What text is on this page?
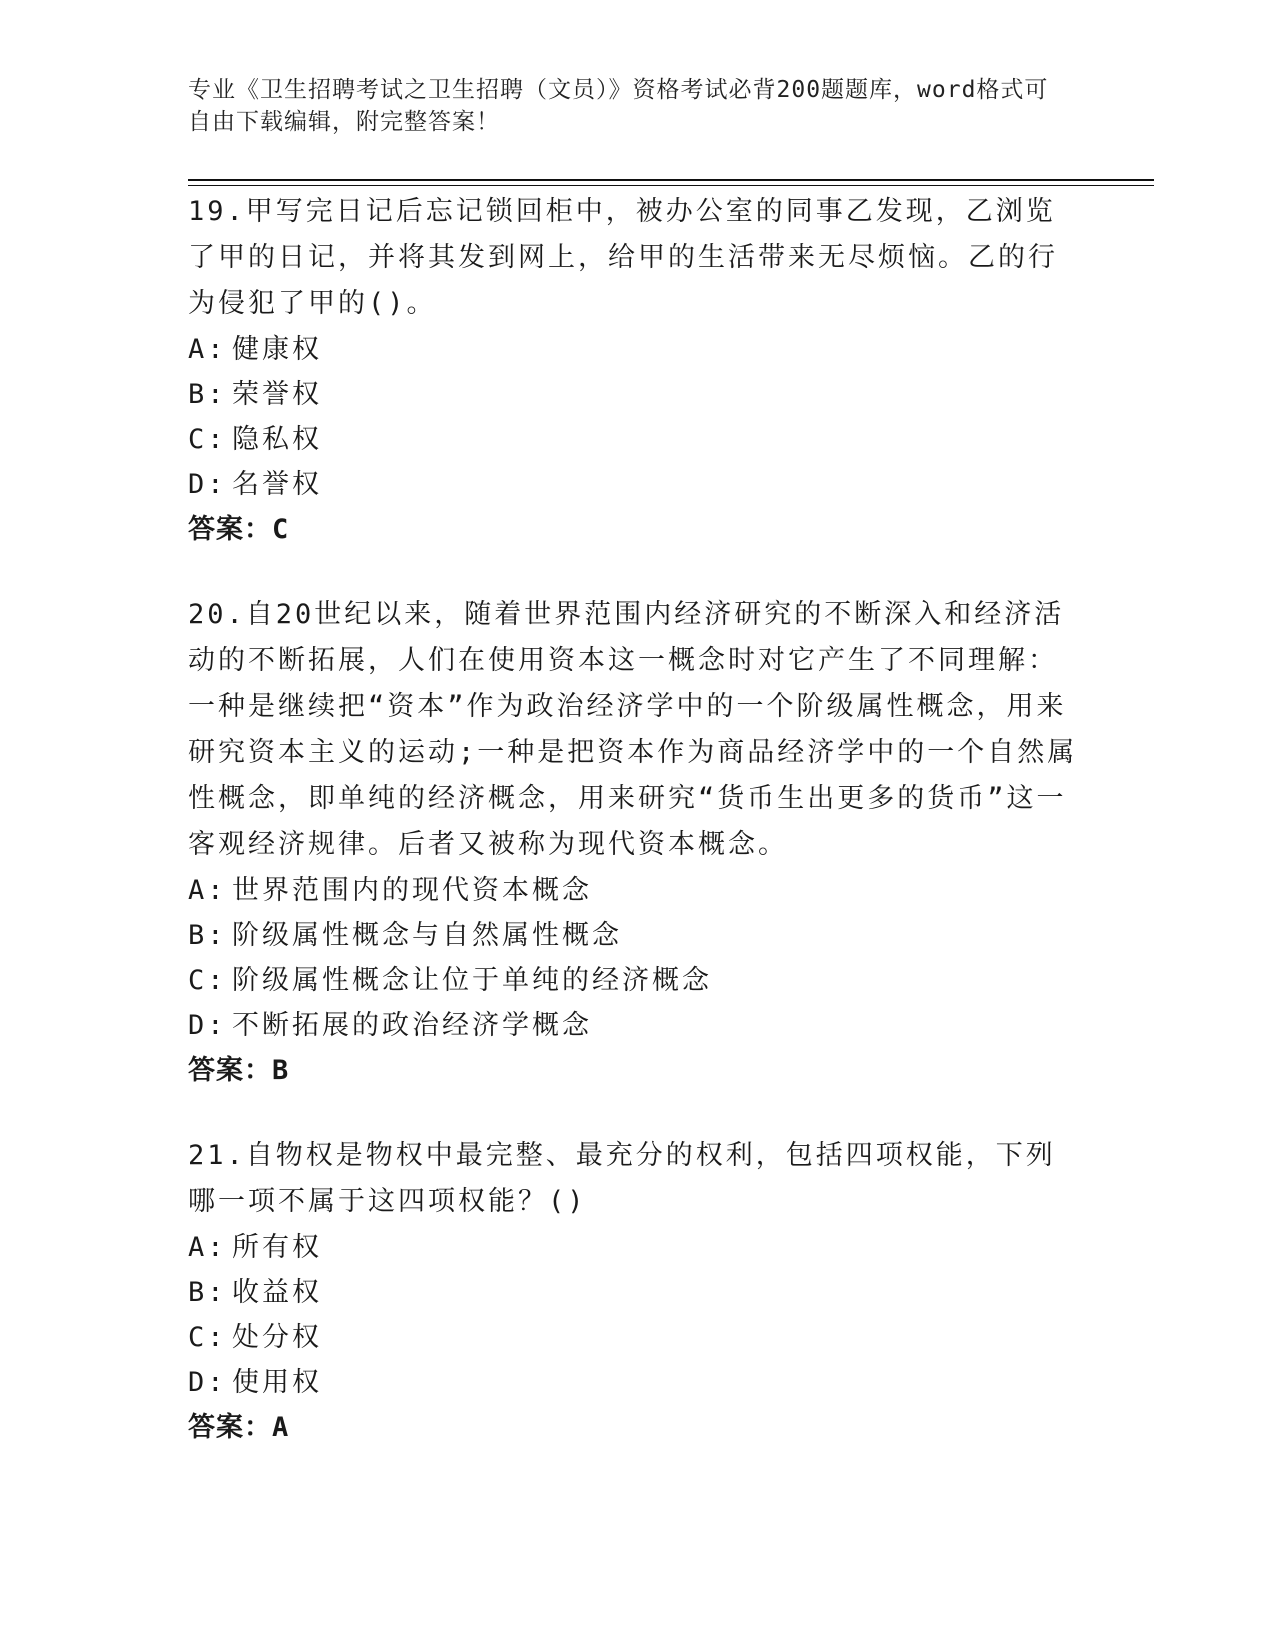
专业《卫生招聘考试之卫生招聘（文员）》资格考试必背200题题库，word格式可自由下载编辑，附完整答案！

19.甲写完日记后忘记锁回柜中，被办公室的同事乙发现，乙浏览了甲的日记，并将其发到网上，给甲的生活带来无尽烦恼。乙的行为侵犯了甲的()。

A: 健康权

B: 荣誉权

C: 隐私权

D: 名誉权

答案：C

20.自20世纪以来，随着世界范围内经济研究的不断深入和经济活动的不断拓展，人们在使用资本这一概念时对它产生了不同理解：一种是继续把“资本”作为政治经济学中的一个阶级属性概念，用来研究资本主义的运动;一种是把资本作为商品经济学中的一个自然属性概念，即单纯的经济概念，用来研究“货币生出更多的货币”这一客观经济规律。后者又被称为现代资本概念。

A: 世界范围内的现代资本概念

B: 阶级属性概念与自然属性概念

C: 阶级属性概念让位于单纯的经济概念

D: 不断拓展的政治经济学概念

答案：B

21.自物权是物权中最完整、最充分的权利，包括四项权能，下列哪一项不属于这四项权能？()

A: 所有权

B: 收益权

C: 处分权

D: 使用权

答案：A
